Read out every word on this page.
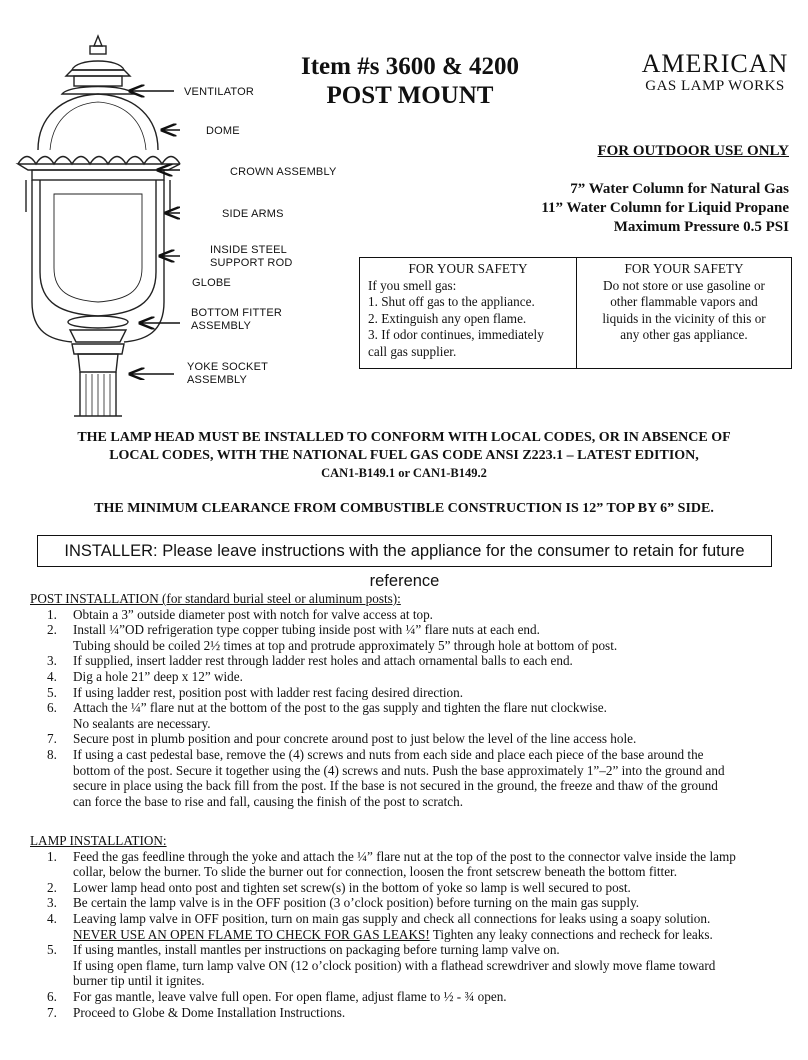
VENTILATOR
DOME
CROWN ASSEMBLY
SIDE ARMS
INSIDE STEEL
SUPPORT ROD
GLOBE
BOTTOM FITTER
ASSEMBLY
YOKE SOCKET
ASSEMBLY
Item #s 3600 & 4200
POST MOUNT
AMERICAN
GAS LAMP WORKS
FOR OUTDOOR USE ONLY
7” Water Column for Natural Gas
11” Water Column for Liquid Propane
Maximum Pressure 0.5 PSI
FOR YOUR SAFETY
If you smell gas:
1. Shut off gas to the appliance.
2. Extinguish any open flame.
3. If odor continues, immediately
call gas supplier.
FOR YOUR SAFETY
Do not store or use gasoline or
other flammable vapors and
liquids in the vicinity of this or
any other gas appliance.
THE LAMP HEAD MUST BE INSTALLED TO CONFORM WITH LOCAL CODES, OR IN ABSENCE OF
LOCAL CODES, WITH THE NATIONAL FUEL GAS CODE ANSI Z223.1 – LATEST EDITION,
CAN1-B149.1 or CAN1-B149.2
THE MINIMUM CLEARANCE FROM COMBUSTIBLE CONSTRUCTION IS 12” TOP BY 6” SIDE.
INSTALLER: Please leave instructions with the appliance for the consumer to retain for future reference
POST INSTALLATION (for standard burial steel or aluminum posts):
1. Obtain a 3” outside diameter post with notch for valve access at top.
2. Install ¼”OD refrigeration type copper tubing inside post with ¼” flare nuts at each end.
Tubing should be coiled 2½ times at top and protrude approximately 5” through hole at bottom of post.
3. If supplied, insert ladder rest through ladder rest holes and attach ornamental balls to each end.
4. Dig a hole 21” deep x 12” wide.
5. If using ladder rest, position post with ladder rest facing desired direction.
6. Attach the ¼” flare nut at the bottom of the post to the gas supply and tighten the flare nut clockwise.
No sealants are necessary.
7. Secure post in plumb position and pour concrete around post to just below the level of the line access hole.
8. If using a cast pedestal base, remove the (4) screws and nuts from each side and place each piece of the base around the
bottom of the post. Secure it together using the (4) screws and nuts. Push the base approximately 1”–2” into the ground and
secure in place using the back fill from the post. If the base is not secured in the ground, the freeze and thaw of the ground
can force the base to rise and fall, causing the finish of the post to scratch.
LAMP INSTALLATION:
1. Feed the gas feedline through the yoke and attach the ¼” flare nut at the top of the post to the connector valve inside the lamp
collar, below the burner. To slide the burner out for connection, loosen the front setscrew beneath the bottom fitter.
2. Lower lamp head onto post and tighten set screw(s) in the bottom of yoke so lamp is well secured to post.
3. Be certain the lamp valve is in the OFF position (3 o’clock position) before turning on the main gas supply.
4. Leaving lamp valve in OFF position, turn on main gas supply and check all connections for leaks using a soapy solution.
NEVER USE AN OPEN FLAME TO CHECK FOR GAS LEAKS! Tighten any leaky connections and recheck for leaks.
5. If using mantles, install mantles per instructions on packaging before turning lamp valve on.
If using open flame, turn lamp valve ON (12 o’clock position) with a flathead screwdriver and slowly move flame toward
burner tip until it ignites.
6. For gas mantle, leave valve full open. For open flame, adjust flame to ½ - ¾ open.
7. Proceed to Globe & Dome Installation Instructions.
